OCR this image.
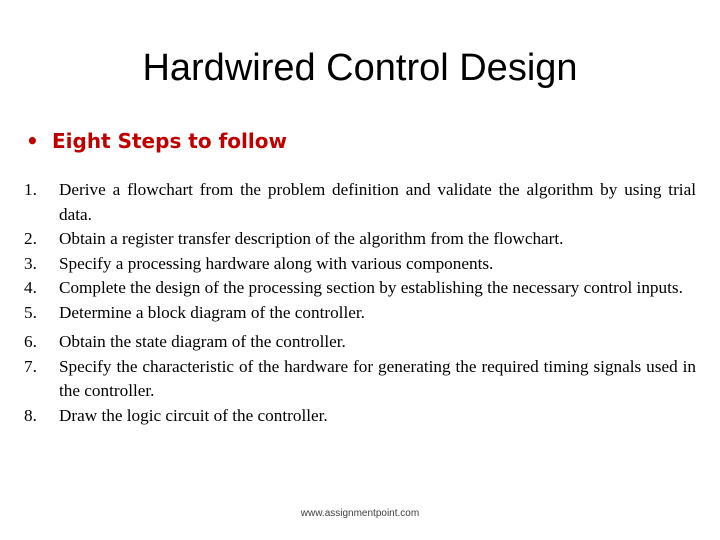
Hardwired Control Design
• Eight Steps to follow
1.	Derive a flowchart from the problem definition and validate the algorithm by using trial data.
2.	Obtain a register transfer description of the algorithm from the flowchart.
3.	Specify a processing hardware along with various components.
4.	Complete the design of the processing section by establishing the necessary control inputs.
5.	Determine a block diagram of the controller.
6.	Obtain the state diagram of the controller.
7.	Specify the characteristic of the hardware for generating the required timing signals used in the controller.
8.	Draw the logic circuit of the controller.
www.assignmentpoint.com
